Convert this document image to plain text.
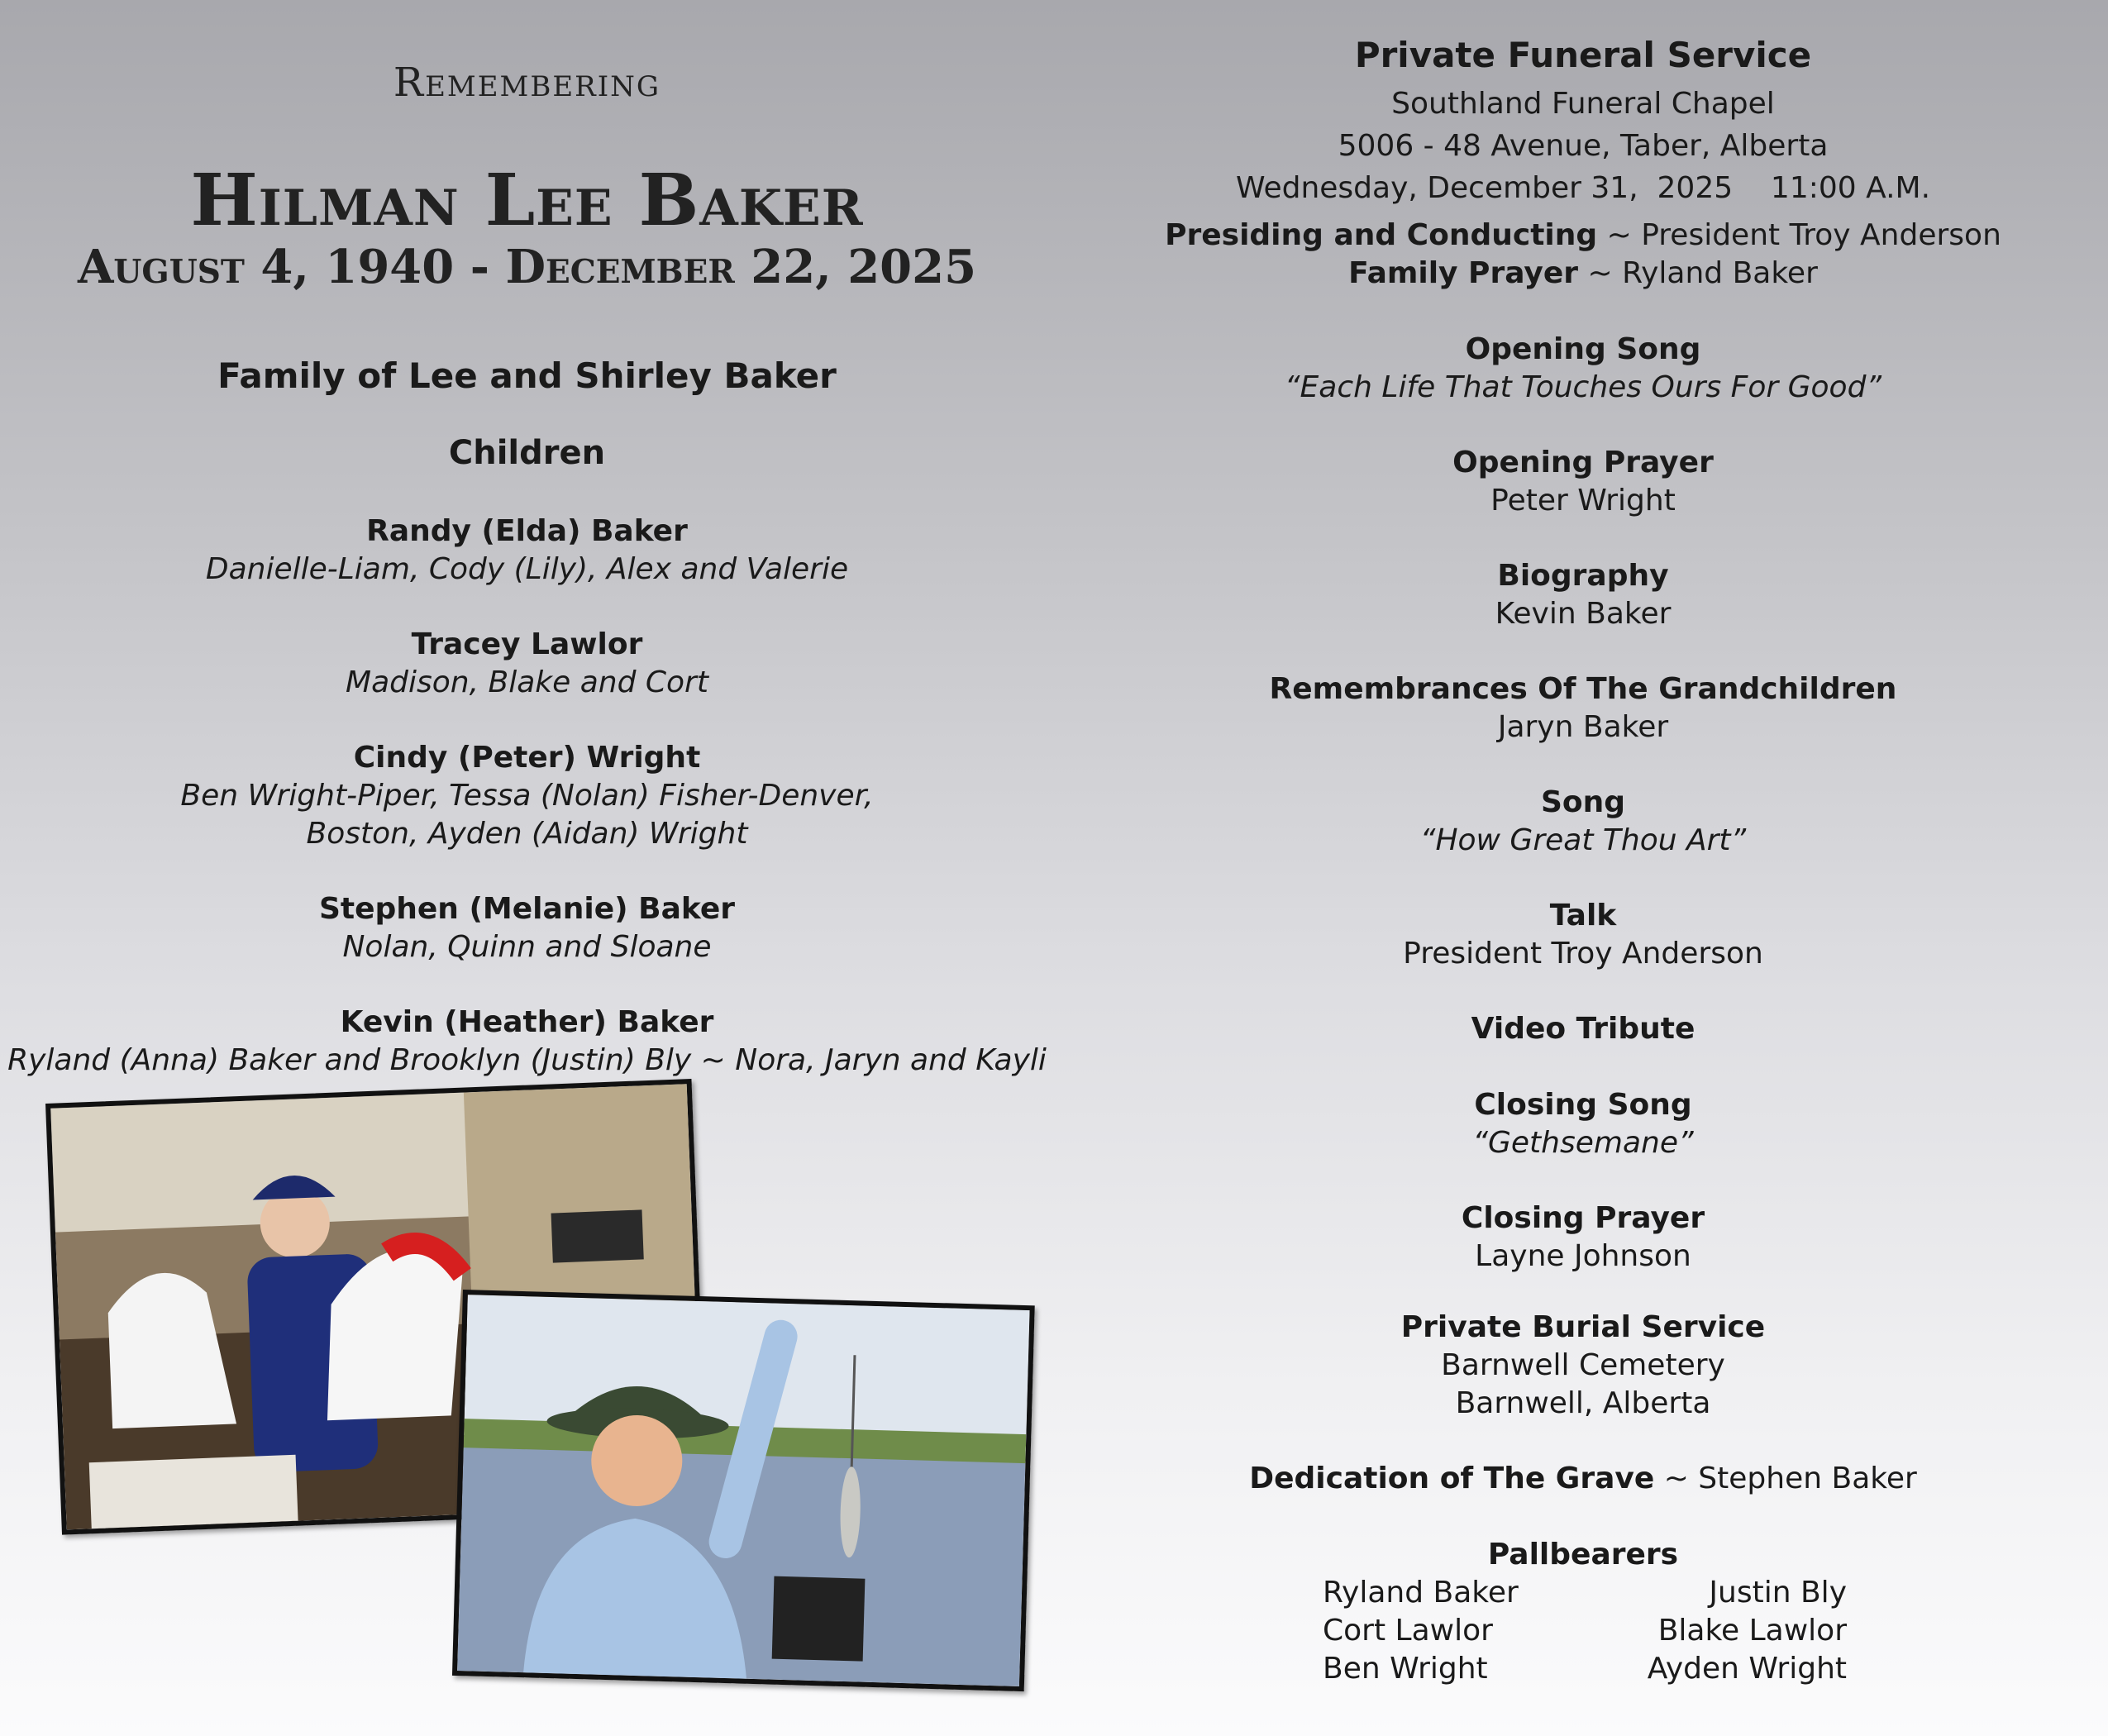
Remembering
Hilman Lee Baker
August 4, 1940 - December 22, 2025
Family of Lee and Shirley Baker
Children
Randy (Elda) Baker
Danielle-Liam, Cody (Lily), Alex and Valerie
Tracey Lawlor
Madison, Blake and Cort
Cindy (Peter) Wright
Ben Wright-Piper, Tessa (Nolan) Fisher-Denver,
Boston, Ayden (Aidan) Wright
Stephen (Melanie) Baker
Nolan, Quinn and Sloane
Kevin (Heather) Baker
Ryland (Anna) Baker and Brooklyn (Justin) Bly ~ Nora, Jaryn and Kayli
Private Funeral Service
Southland Funeral Chapel
5006 - 48 Avenue, Taber, Alberta
Wednesday, December 31,  2025    11:00 A.M.
Presiding and Conducting ~ President Troy Anderson
Family Prayer ~ Ryland Baker
Opening Song
“Each Life That Touches Ours For Good”
Opening Prayer
Peter Wright
Biography
Kevin Baker
Remembrances Of The Grandchildren
Jaryn Baker
Song
“How Great Thou Art”
Talk
President Troy Anderson
Video Tribute
Closing Song
“Gethsemane”
Closing Prayer
Layne Johnson
Private Burial Service
Barnwell Cemetery
Barnwell, Alberta
Dedication of The Grave ~ Stephen Baker
Pallbearers
Ryland Baker
Cort Lawlor
Ben Wright
Justin Bly
Blake Lawlor
Ayden Wright
